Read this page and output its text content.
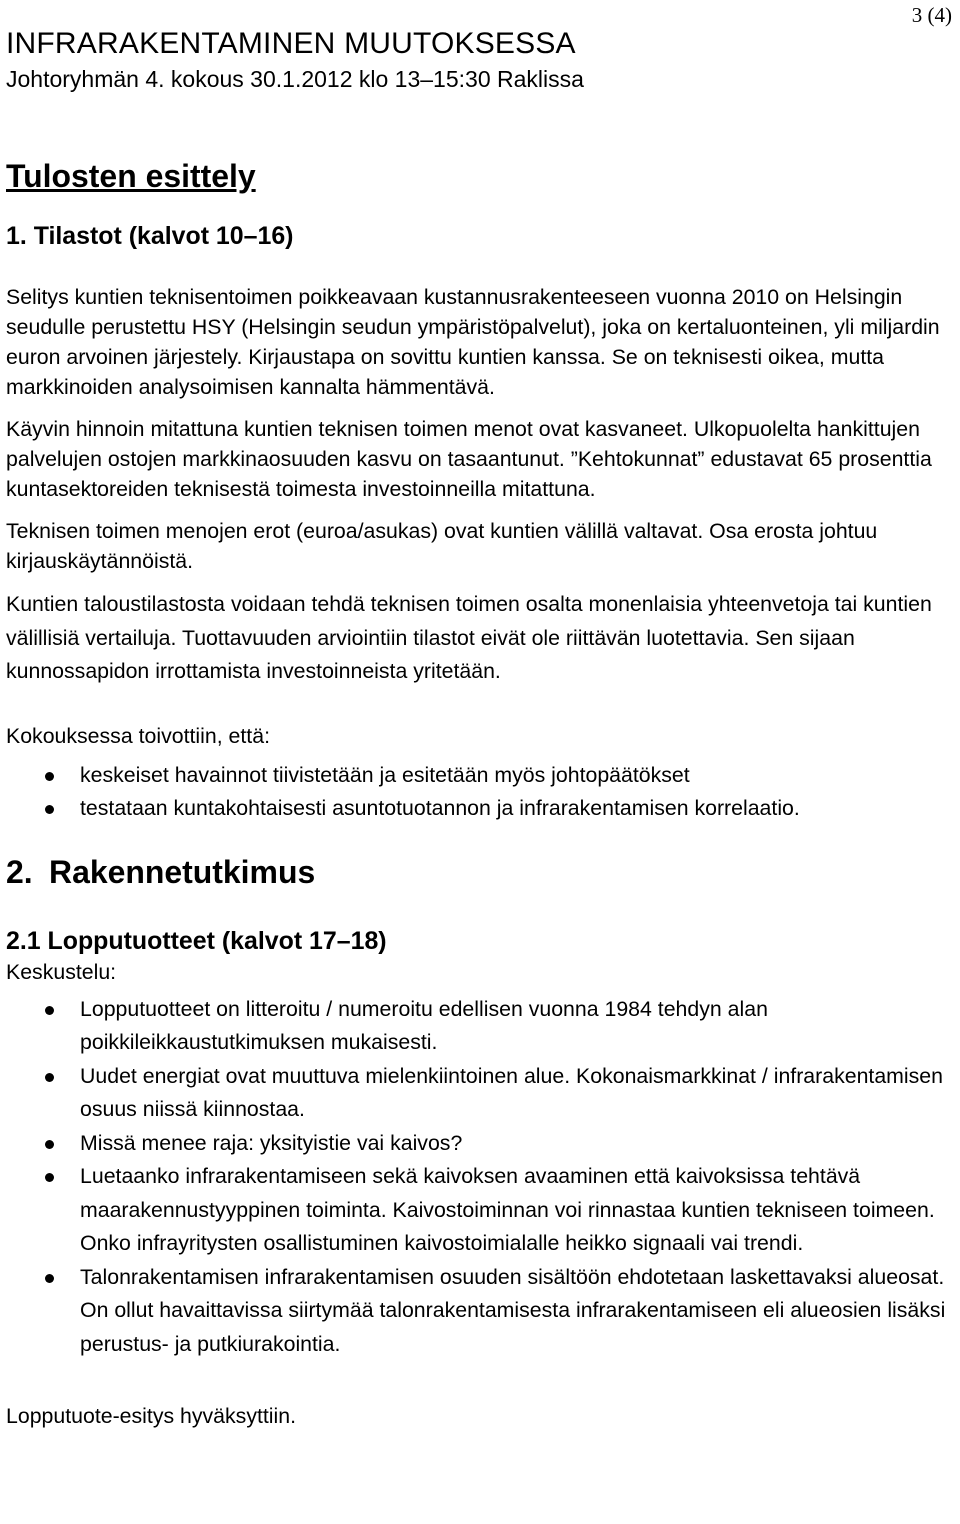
3 (4)
INFRARAKENTAMINEN MUUTOKSESSA

Johtoryhmän 4. kokous 30.1.2012 klo 13–15:30 Raklissa

Tulosten esittely
1. Tilastot (kalvot 10–16)

Selitys kuntien teknisentoimen poikkeavaan kustannusrakenteeseen vuonna 2010 on Helsingin seudulle perustettu HSY (Helsingin seudun ympäristöpalvelut), joka on kertaluonteinen, yli miljardin euron arvoinen järjestely. Kirjaustapa on sovittu kuntien kanssa. Se on teknisesti oikea, mutta markkinoiden analysoimisen kannalta hämmentävä.

Käyvin hinnoin mitattuna kuntien teknisen toimen menot ovat kasvaneet. Ulkopuolelta hankittujen palvelujen ostojen markkinaosuuden kasvu on tasaantunut. ”Kehtokunnat” edustavat 65 prosenttia kuntasektoreiden teknisestä toimesta investoinneilla mitattuna.

Teknisen toimen menojen erot (euroa/asukas) ovat kuntien välillä valtavat. Osa erosta johtuu kirjauskäytännöistä.

Kuntien taloustilastosta voidaan tehdä teknisen toimen osalta monenlaisia yhteenvetoja tai kuntien välillisiä vertailuja. Tuottavuuden arviointiin tilastot eivät ole riittävän luotettavia. Sen sijaan kunnossapidon irrottamista investoinneista yritetään.

Kokouksessa toivottiin, että:

keskeiset havainnot tiivistetään ja esitetään myös johtopäätökset
testataan kuntakohtaisesti asuntotuotannon ja infrarakentamisen korrelaatio.
2. Rakennetutkimus
2.1 Lopputuotteet (kalvot 17–18)

Keskustelu:

Lopputuotteet on litteroitu / numeroitu edellisen vuonna 1984 tehdyn alan poikkileikkaustutkimuksen mukaisesti.
Uudet energiat ovat muuttuva mielenkiintoinen alue. Kokonaismarkkinat / infrarakentamisen osuus niissä kiinnostaa.
Missä menee raja: yksityistie vai kaivos?
Luetaanko infrarakentamiseen sekä kaivoksen avaaminen että kaivoksissa tehtävä maarakennustyyppinen toiminta. Kaivostoiminnan voi rinnastaa kuntien tekniseen toimeen. Onko infrayritysten osallistuminen kaivostoimialalle heikko signaali vai trendi.
Talonrakentamisen infrarakentamisen osuuden sisältöön ehdotetaan laskettavaksi alueosat. On ollut havaittavissa siirtymää talonrakentamisesta infrarakentamiseen eli alueosien lisäksi perustus- ja putkiurakointia.

Lopputuote-esitys hyväksyttiin.
